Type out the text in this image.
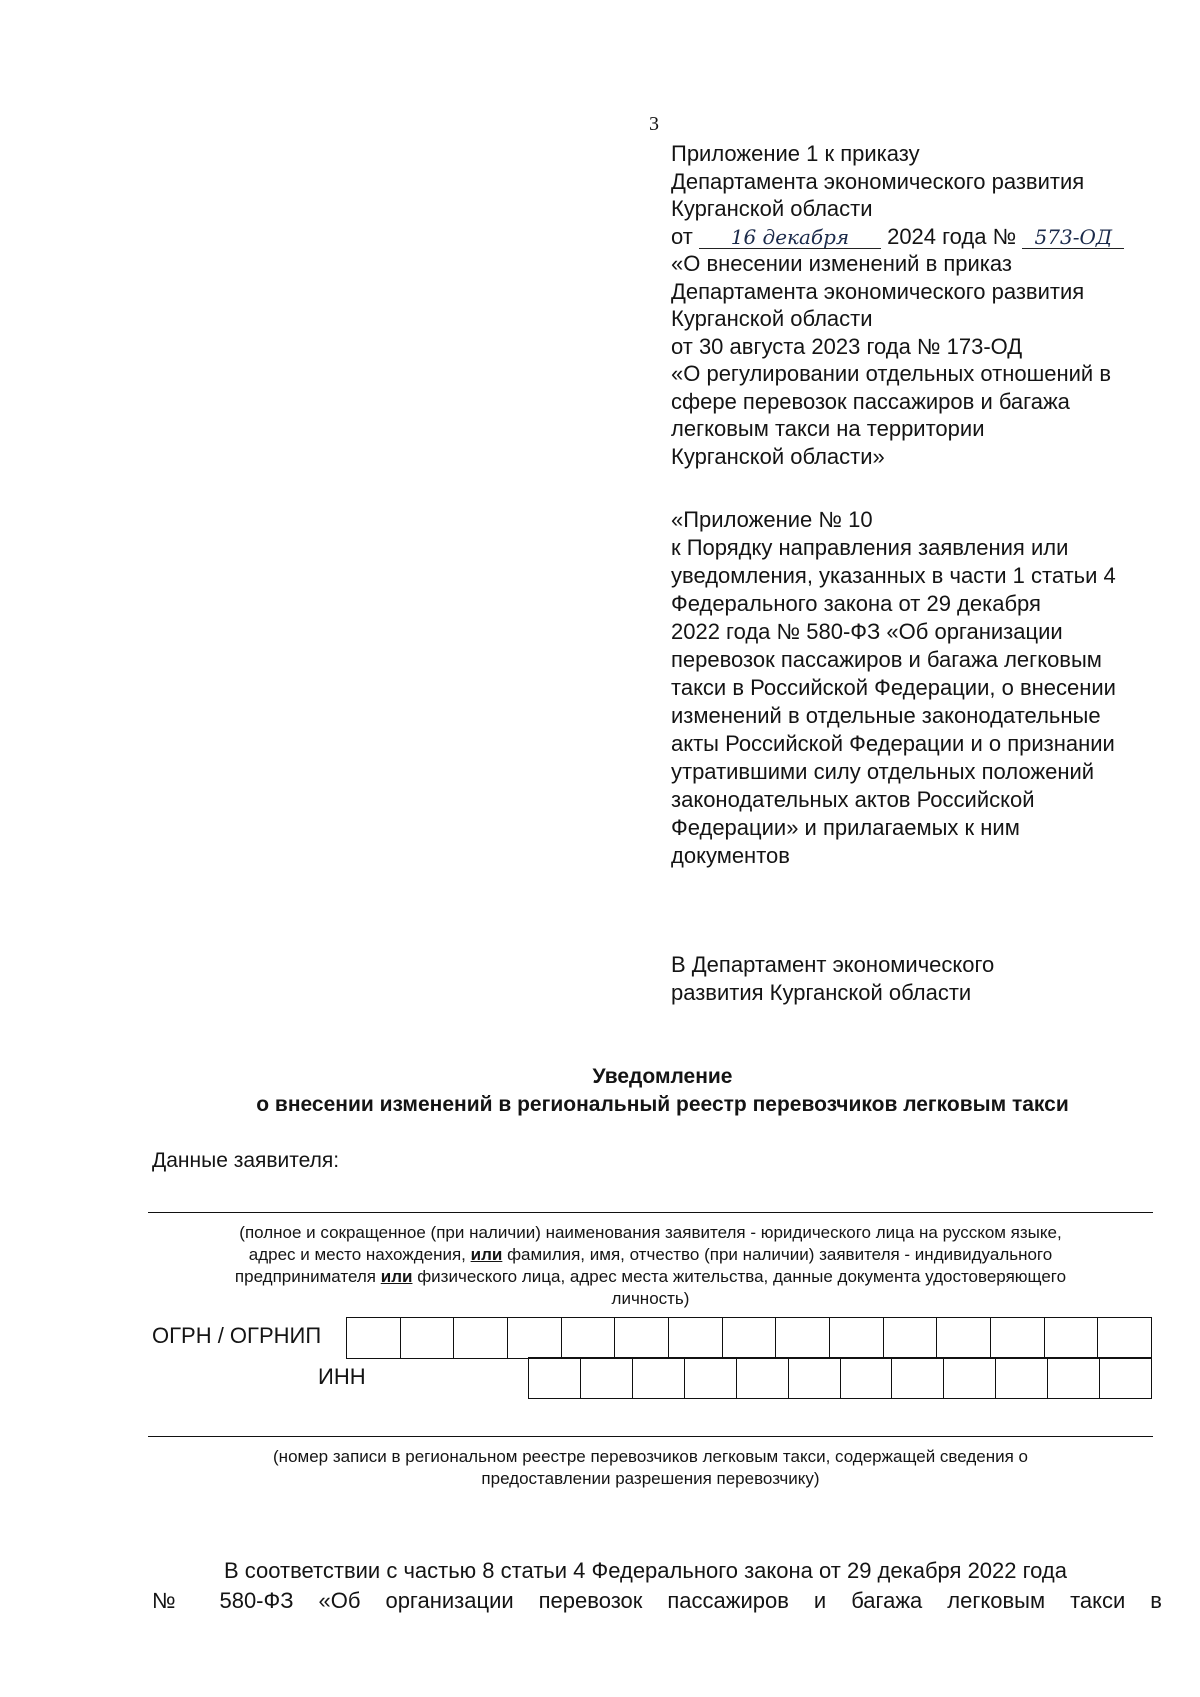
3
Приложение 1 к приказу
Департамента экономического развития
Курганской области
от 16 декабря 2024 года № 573-ОД
«О внесении изменений в приказ
Департамента экономического развития
Курганской области
от 30 августа 2023 года № 173-ОД
«О регулировании отдельных отношений в
сфере перевозок пассажиров и багажа
легковым такси на территории
Курганской области»
«Приложение № 10
к Порядку направления заявления или
уведомления, указанных в части 1 статьи 4
Федерального закона от 29 декабря
2022 года № 580-ФЗ «Об организации
перевозок пассажиров и багажа легковым
такси в Российской Федерации, о внесении
изменений в отдельные законодательные
акты Российской Федерации и о признании
утратившими силу отдельных положений
законодательных актов Российской
Федерации» и прилагаемых к ним
документов
В Департамент экономического
развития Курганской области
Уведомление
о внесении изменений в региональный реестр перевозчиков легковым такси
Данные заявителя:
(полное и сокращенное (при наличии) наименования заявителя - юридического лица на русском языке,
адрес и место нахождения, или фамилия, имя, отчество (при наличии) заявителя - индивидуального
предпринимателя или физического лица, адрес места жительства, данные документа удостоверяющего
личность)
ОГРН / ОГРНИП
ИНН
(номер записи в региональном реестре перевозчиков легковым такси, содержащей сведения о
предоставлении разрешения перевозчику)
В соответствии с частью 8 статьи 4 Федерального закона от 29 декабря 2022 года
№ 580-ФЗ «Об организации перевозок пассажиров и багажа легковым такси в
